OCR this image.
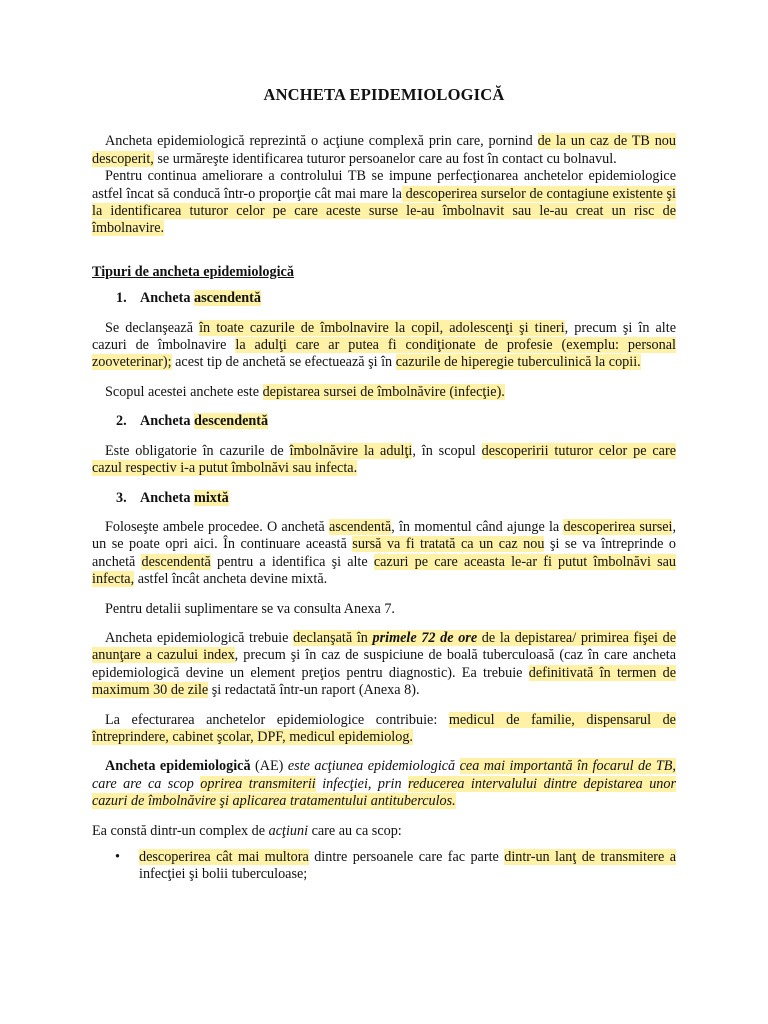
ANCHETA EPIDEMIOLOGICĂ

Ancheta epidemiologică reprezintă o acţiune complexă prin care, pornind de la un caz de TB nou descoperit, se urmăreşte identificarea tuturor persoanelor care au fost în contact cu bolnavul.

Pentru continua ameliorare a controlului TB se impune perfecţionarea anchetelor epidemiologice astfel încat să conducă într-o proporţie cât mai mare la descoperirea surselor de contagiune existente şi la identificarea tuturor celor pe care aceste surse le-au îmbolnavit sau le-au creat un risc de îmbolnavire.

Tipuri de ancheta epidemiologică

1. Ancheta ascendentă

Se declanşează în toate cazurile de îmbolnavire la copil, adolescenţi şi tineri, precum şi în alte cazuri de îmbolnavire la adulţi care ar putea fi condiţionate de profesie (exemplu: personal zooveterinar); acest tip de anchetă se efectuează şi în cazurile de hiperegie tuberculinică la copii.

Scopul acestei anchete este depistarea sursei de îmbolnăvire (infecţie).

2. Ancheta descendentă

Este obligatorie în cazurile de îmbolnăvire la adulţi, în scopul descoperirii tuturor celor pe care cazul respectiv i-a putut îmbolnăvi sau infecta.

3. Ancheta mixtă

Foloseşte ambele procedee. O anchetă ascendentă, în momentul când ajunge la descoperirea sursei, un se poate opri aici. În continuare această sursă va fi tratată ca un caz nou şi se va întreprinde o anchetă descendentă pentru a identifica şi alte cazuri pe care aceasta le-ar fi putut îmbolnăvi sau infecta, astfel încât ancheta devine mixtă.

Pentru detalii suplimentare se va consulta Anexa 7.

Ancheta epidemiologică trebuie declanşată în primele 72 de ore de la depistarea/ primirea fişei de anunţare a cazului index, precum şi în caz de suspiciune de boală tuberculoasă (caz în care ancheta epidemiologică devine un element preţios pentru diagnostic). Ea trebuie definitivată în termen de maximum 30 de zile şi redactată într-un raport (Anexa 8).

La efecturarea anchetelor epidemiologice contribuie: medicul de familie, dispensarul de întreprindere, cabinet şcolar, DPF, medicul epidemiolog.

Ancheta epidemiologică (AE) este acţiunea epidemiologică cea mai importantă în focarul de TB, care are ca scop oprirea transmiterii infecţiei, prin reducerea intervalului dintre depistarea unor cazuri de îmbolnăvire şi aplicarea tratamentului antituberculos.

Ea constă dintr-un complex de acţiuni care au ca scop:

• descoperirea cât mai multora dintre persoanele care fac parte dintr-un lanţ de transmitere a infecţiei şi bolii tuberculoase;
